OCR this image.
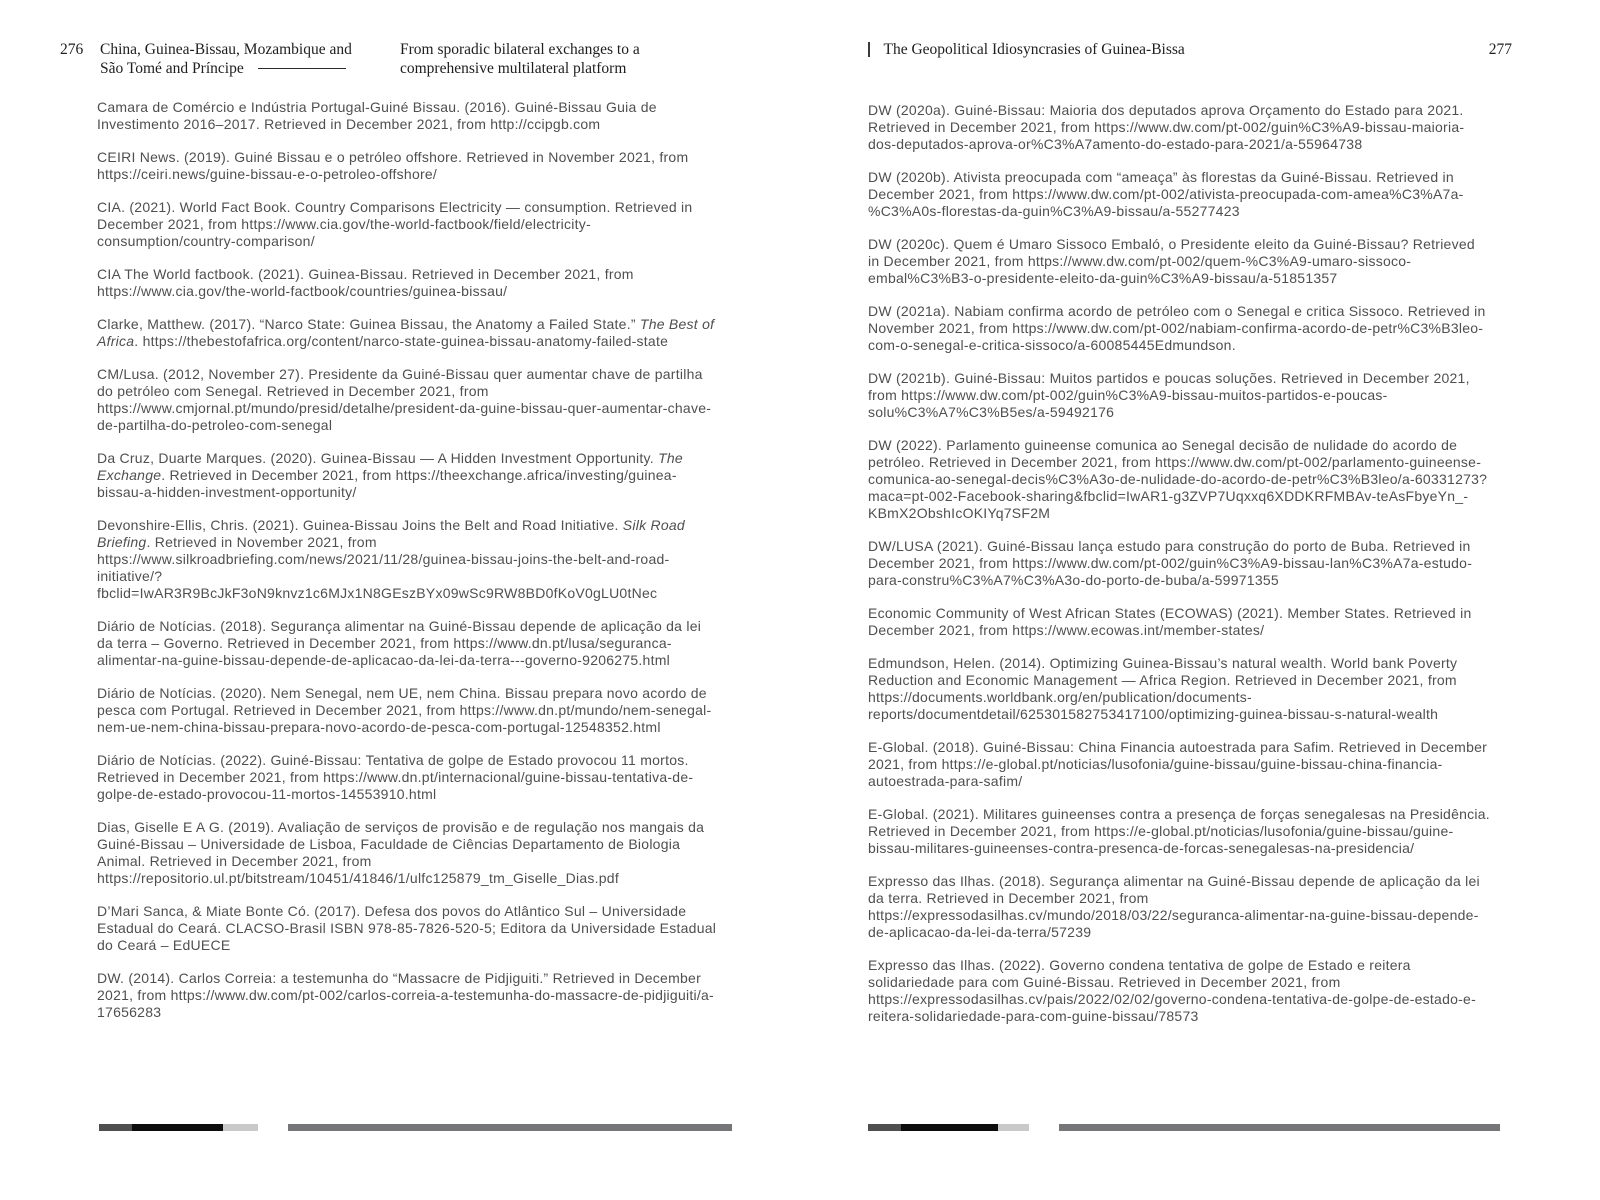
276 China, Guinea-Bissau, Mozambique and
São Tomé and Príncipe
From sporadic bilateral exchanges to a
comprehensive multilateral platform
The Geopolitical Idiosyncrasies of Guinea-Bissa	277

Camara de Comércio e Indústria Portugal-Guiné Bissau. (2016). Guiné-Bissau Guia de Investimento 2016–2017. Retrieved in December 2021, from http://ccipgb.com

CEIRI News. (2019). Guiné Bissau e o petróleo offshore. Retrieved in November 2021, from https://ceiri.news/guine-bissau-e-o-petroleo-offshore/

CIA. (2021). World Fact Book. Country Comparisons Electricity — consumption. Retrieved in December 2021, from https://www.cia.gov/the-world-factbook/field/electricity-consumption/country-comparison/

CIA The World factbook. (2021). Guinea-Bissau. Retrieved in December 2021, from https://www.cia.gov/the-world-factbook/countries/guinea-bissau/

Clarke, Matthew. (2017). “Narco State: Guinea Bissau, the Anatomy a Failed State.” The Best of Africa. https://thebestofafrica.org/content/narco-state-guinea-bissau-anatomy-failed-state

CM/Lusa. (2012, November 27). Presidente da Guiné-Bissau quer aumentar chave de partilha do petróleo com Senegal. Retrieved in December 2021, from https://www.cmjornal.pt/mundo/presid/detalhe/president-da-guine-bissau-quer-aumentar-chave-de-partilha-do-petroleo-com-senegal

Da Cruz, Duarte Marques. (2020). Guinea-Bissau — A Hidden Investment Opportunity. The Exchange. Retrieved in December 2021, from https://theexchange.africa/investing/guinea-bissau-a-hidden-investment-opportunity/

Devonshire-Ellis, Chris. (2021). Guinea-Bissau Joins the Belt and Road Initiative. Silk Road Briefing. Retrieved in November 2021, from https://www.silkroadbriefing.com/news/2021/11/28/guinea-bissau-joins-the-belt-and-road-initiative/?fbclid=IwAR3R9BcJkF3oN9knvz1c6MJx1N8GEszBYx09wSc9RW8BD0fKoV0gLU0tNec

Diário de Notícias. (2018). Segurança alimentar na Guiné-Bissau depende de aplicação da lei da terra – Governo. Retrieved in December 2021, from https://www.dn.pt/lusa/seguranca-alimentar-na-guine-bissau-depende-de-aplicacao-da-lei-da-terra---governo-9206275.html

Diário de Notícias. (2020). Nem Senegal, nem UE, nem China. Bissau prepara novo acordo de pesca com Portugal. Retrieved in December 2021, from https://www.dn.pt/mundo/nem-senegal-nem-ue-nem-china-bissau-prepara-novo-acordo-de-pesca-com-portugal-12548352.html

Diário de Notícias. (2022). Guiné-Bissau: Tentativa de golpe de Estado provocou 11 mortos. Retrieved in December 2021, from https://www.dn.pt/internacional/guine-bissau-tentativa-de-golpe-de-estado-provocou-11-mortos-14553910.html

Dias, Giselle E A G. (2019). Avaliação de serviços de provisão e de regulação nos mangais da Guiné-Bissau – Universidade de Lisboa, Faculdade de Ciências Departamento de Biologia Animal. Retrieved in December 2021, from https://repositorio.ul.pt/bitstream/10451/41846/1/ulfc125879_tm_Giselle_Dias.pdf

D’Mari Sanca, & Miate Bonte Có. (2017). Defesa dos povos do Atlântico Sul – Universidade Estadual do Ceará. CLACSO-Brasil ISBN 978-85-7826-520-5; Editora da Universidade Estadual do Ceará – EdUECE

DW. (2014). Carlos Correia: a testemunha do “Massacre de Pidjiguiti.” Retrieved in December 2021, from https://www.dw.com/pt-002/carlos-correia-a-testemunha-do-massacre-de-pidjiguiti/a-17656283

DW (2020a). Guiné-Bissau: Maioria dos deputados aprova Orçamento do Estado para 2021. Retrieved in December 2021, from https://www.dw.com/pt-002/guin%C3%A9-bissau-maioria-dos-deputados-aprova-or%C3%A7amento-do-estado-para-2021/a-55964738

DW (2020b). Ativista preocupada com “ameaça” às florestas da Guiné-Bissau. Retrieved in December 2021, from https://www.dw.com/pt-002/ativista-preocupada-com-amea%C3%A7a-%C3%A0s-florestas-da-guin%C3%A9-bissau/a-55277423

DW (2020c). Quem é Umaro Sissoco Embaló, o Presidente eleito da Guiné-Bissau? Retrieved in December 2021, from https://www.dw.com/pt-002/quem-%C3%A9-umaro-sissoco-embal%C3%B3-o-presidente-eleito-da-guin%C3%A9-bissau/a-51851357

DW (2021a). Nabiam confirma acordo de petróleo com o Senegal e critica Sissoco. Retrieved in November 2021, from https://www.dw.com/pt-002/nabiam-confirma-acordo-de-petr%C3%B3leo-com-o-senegal-e-critica-sissoco/a-60085445Edmundson.

DW (2021b). Guiné-Bissau: Muitos partidos e poucas soluções. Retrieved in December 2021, from https://www.dw.com/pt-002/guin%C3%A9-bissau-muitos-partidos-e-poucas-solu%C3%A7%C3%B5es/a-59492176

DW (2022). Parlamento guineense comunica ao Senegal decisão de nulidade do acordo de petróleo. Retrieved in December 2021, from https://www.dw.com/pt-002/parlamento-guineense-comunica-ao-senegal-decis%C3%A3o-de-nulidade-do-acordo-de-petr%C3%B3leo/a-60331273?maca=pt-002-Facebook-sharing&fbclid=IwAR1-g3ZVP7Uqxxq6XDDKRFMBAv-teAsFbyeYn_-KBmX2ObshIcOKIYq7SF2M

DW/LUSA (2021). Guiné-Bissau lança estudo para construção do porto de Buba. Retrieved in December 2021, from https://www.dw.com/pt-002/guin%C3%A9-bissau-lan%C3%A7a-estudo-para-constru%C3%A7%C3%A3o-do-porto-de-buba/a-59971355

Economic Community of West African States (ECOWAS) (2021). Member States. Retrieved in December 2021, from https://www.ecowas.int/member-states/

Edmundson, Helen. (2014). Optimizing Guinea-Bissau’s natural wealth. World bank Poverty Reduction and Economic Management — Africa Region. Retrieved in December 2021, from https://documents.worldbank.org/en/publication/documents-reports/documentdetail/625301582753417100/optimizing-guinea-bissau-s-natural-wealth

E-Global. (2018). Guiné-Bissau: China Financia autoestrada para Safim. Retrieved in December 2021, from https://e-global.pt/noticias/lusofonia/guine-bissau/guine-bissau-china-financia-autoestrada-para-safim/

E-Global. (2021). Militares guineenses contra a presença de forças senegalesas na Presidência. Retrieved in December 2021, from https://e-global.pt/noticias/lusofonia/guine-bissau/guine-bissau-militares-guineenses-contra-presenca-de-forcas-senegalesas-na-presidencia/

Expresso das Ilhas. (2018). Segurança alimentar na Guiné-Bissau depende de aplicação da lei da terra. Retrieved in December 2021, from https://expressodasilhas.cv/mundo/2018/03/22/seguranca-alimentar-na-guine-bissau-depende-de-aplicacao-da-lei-da-terra/57239

Expresso das Ilhas. (2022). Governo condena tentativa de golpe de Estado e reitera solidariedade para com Guiné-Bissau. Retrieved in December 2021, from https://expressodasilhas.cv/pais/2022/02/02/governo-condena-tentativa-de-golpe-de-estado-e-reitera-solidariedade-para-com-guine-bissau/78573
